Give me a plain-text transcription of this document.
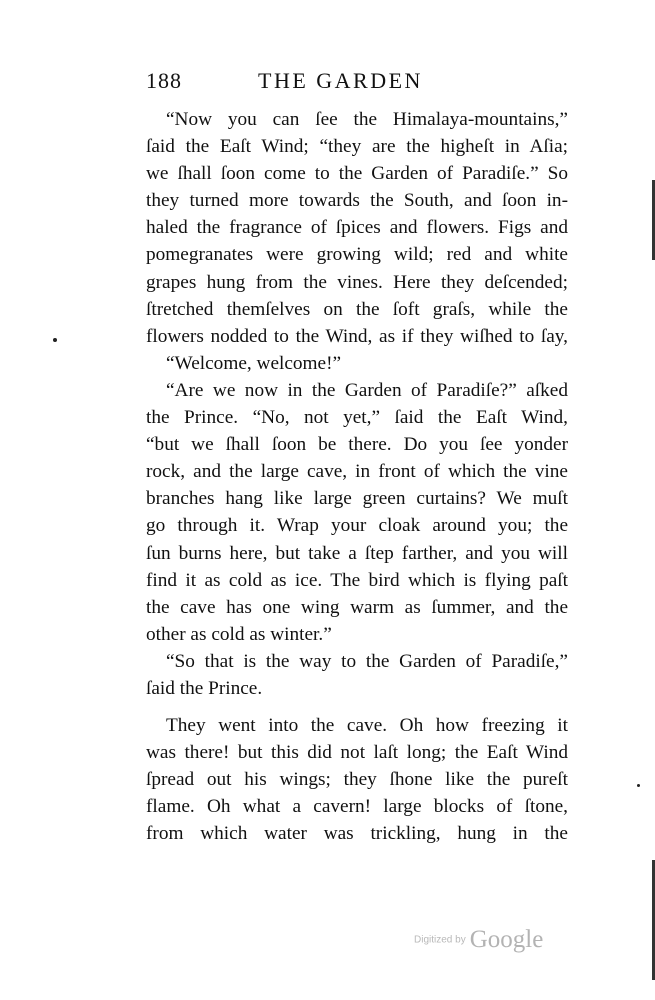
188	THE GARDEN
“Now you can ſee the Himalaya-mountains,”
ſaid the Eaſt Wind; “they are the higheſt in Aſia;
we ſhall ſoon come to the Garden of Paradiſe.” So
they turned more towards the South, and ſoon in-
haled the fragrance of ſpices and flowers. Figs and
pomegranates were growing wild; red and white
grapes hung from the vines. Here they deſcended;
ſtretched themſelves on the ſoft graſs, while the
flowers nodded to the Wind, as if they wiſhed to ſay,
“Welcome, welcome!”
“Are we now in the Garden of Paradiſe?” aſked
the Prince. “No, not yet,” ſaid the Eaſt Wind,
“but we ſhall ſoon be there. Do you ſee yonder
rock, and the large cave, in front of which the vine
branches hang like large green curtains? We muſt
go through it. Wrap your cloak around you; the
ſun burns here, but take a ſtep farther, and you will
find it as cold as ice. The bird which is flying paſt
the cave has one wing warm as ſummer, and the
other as cold as winter.”
“So that is the way to the Garden of Paradiſe,”
ſaid the Prince.
They went into the cave. Oh how freezing it
was there! but this did not laſt long; the Eaſt Wind
ſpread out his wings; they ſhone like the pureſt
flame. Oh what a cavern! large blocks of ſtone,
from which water was trickling, hung in the
Digitized by Google
